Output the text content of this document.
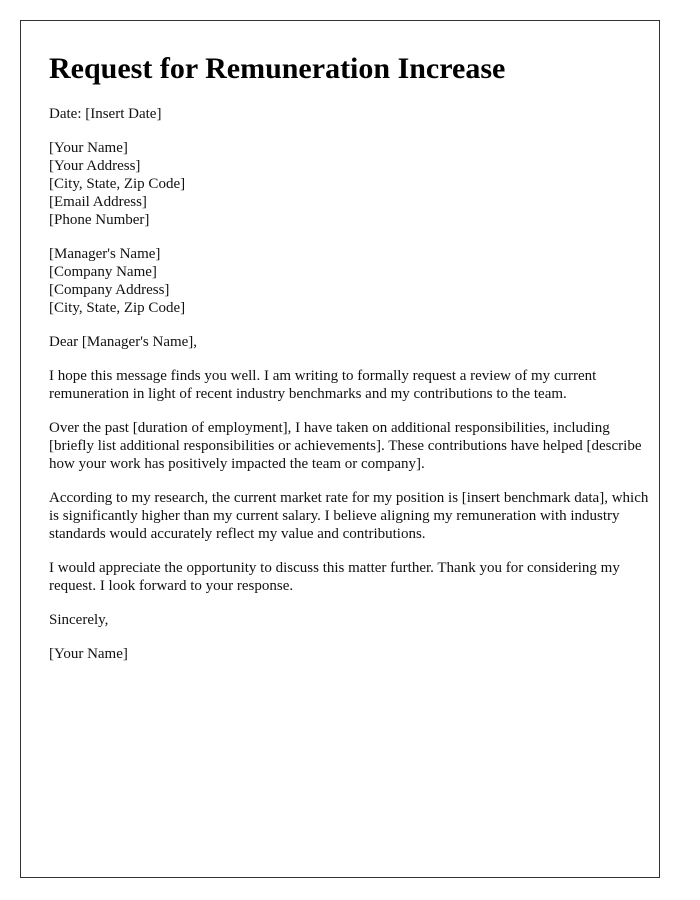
Request for Remuneration Increase

Date: [Insert Date]

[Your Name]
[Your Address]
[City, State, Zip Code]
[Email Address]
[Phone Number]
[Manager's Name]
[Company Name]
[Company Address]
[City, State, Zip Code]

Dear [Manager's Name],

I hope this message finds you well. I am writing to formally request a review of my current remuneration in light of recent industry benchmarks and my contributions to the team.

Over the past [duration of employment], I have taken on additional responsibilities, including [briefly list additional responsibilities or achievements]. These contributions have helped [describe how your work has positively impacted the team or company].

According to my research, the current market rate for my position is [insert benchmark data], which is significantly higher than my current salary. I believe aligning my remuneration with industry standards would accurately reflect my value and contributions.

I would appreciate the opportunity to discuss this matter further. Thank you for considering my request. I look forward to your response.

Sincerely,

[Your Name]
